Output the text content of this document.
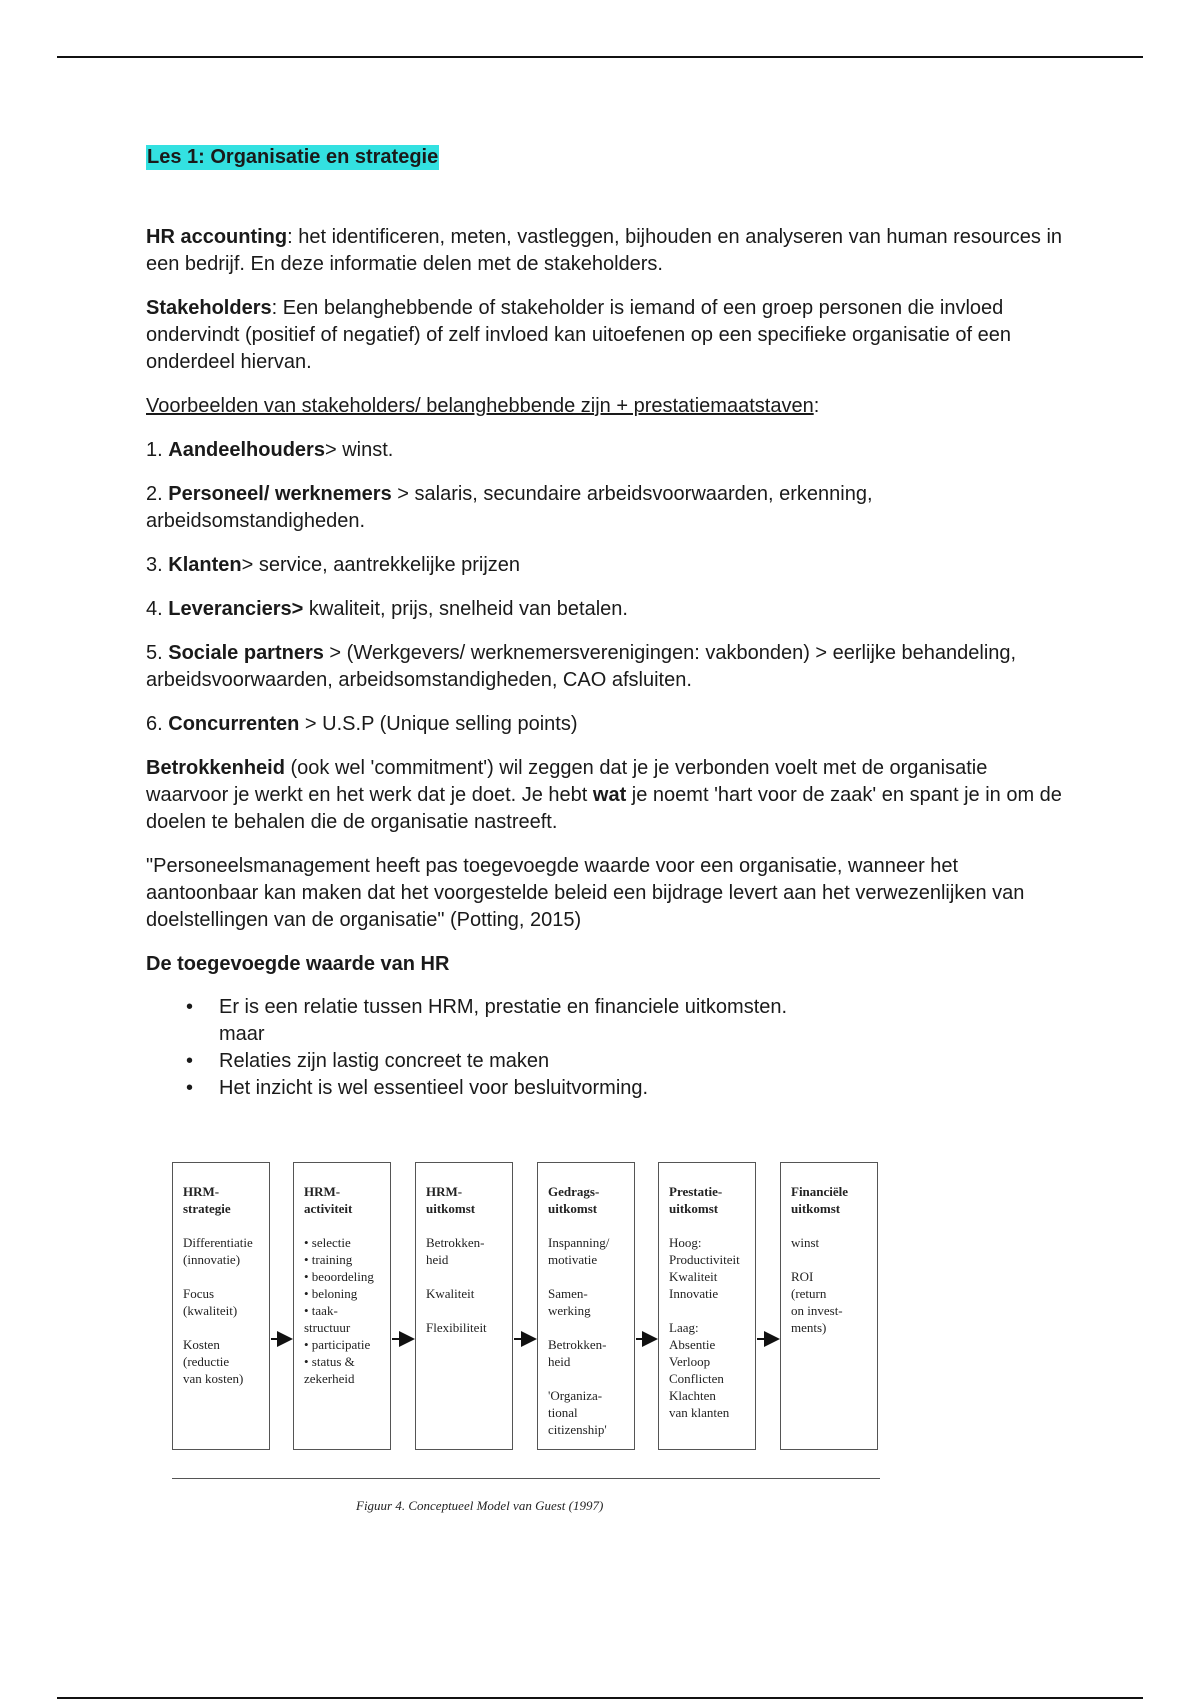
Les 1: Organisatie en strategie

HR accounting: het identificeren, meten, vastleggen, bijhouden en analyseren van human resources in een bedrijf. En deze informatie delen met de stakeholders.

Stakeholders: Een belanghebbende of stakeholder is iemand of een groep personen die invloed ondervindt (positief of negatief) of zelf invloed kan uitoefenen op een specifieke organisatie of een onderdeel hiervan.

Voorbeelden van stakeholders/ belanghebbende zijn + prestatiemaatstaven:

1. Aandeelhouders> winst.

2. Personeel/ werknemers > salaris, secundaire arbeidsvoorwaarden, erkenning, arbeidsomstandigheden.

3. Klanten> service, aantrekkelijke prijzen

4. Leveranciers> kwaliteit, prijs, snelheid van betalen.

5. Sociale partners > (Werkgevers/ werknemersverenigingen: vakbonden) > eerlijke behandeling, arbeidsvoorwaarden, arbeidsomstandigheden, CAO afsluiten.

6. Concurrenten > U.S.P (Unique selling points)

Betrokkenheid (ook wel 'commitment') wil zeggen dat je je verbonden voelt met de organisatie waarvoor je werkt en het werk dat je doet. Je hebt wat je noemt 'hart voor de zaak' en spant je in om de doelen te behalen die de organisatie nastreeft.

"Personeelsmanagement heeft pas toegevoegde waarde voor een organisatie, wanneer het aantoonbaar kan maken dat het voorgestelde beleid een bijdrage levert aan het verwezenlijken van doelstellingen van de organisatie" (Potting, 2015)

De toegevoegde waarde van HR

• Er is een relatie tussen HRM, prestatie en financiele uitkomsten.
maar
• Relaties zijn lastig concreet te maken
• Het inzicht is wel essentieel voor besluitvorming.
HRM-
strategie
Differentiatie
(innovatie)

Focus
(kwaliteit)

Kosten
(reductie
van kosten)
HRM-
activiteit
• selectie
• training
• beoordeling
• beloning
• taak-
structuur
• participatie
• status &
zekerheid
HRM-
uitkomst
Betrokken-
heid

Kwaliteit

Flexibiliteit
Gedrags-
uitkomst
Inspanning/
motivatie

Samen-
werking

Betrokken-
heid

'Organiza-
tional
citizenship'
Prestatie-
uitkomst
Hoog:
Productiviteit
Kwaliteit
Innovatie

Laag:
Absentie
Verloop
Conflicten
Klachten
van klanten
Financiële
uitkomst
winst

ROI
(return
on invest-
ments)
Figuur 4. Conceptueel Model van Guest (1997)
